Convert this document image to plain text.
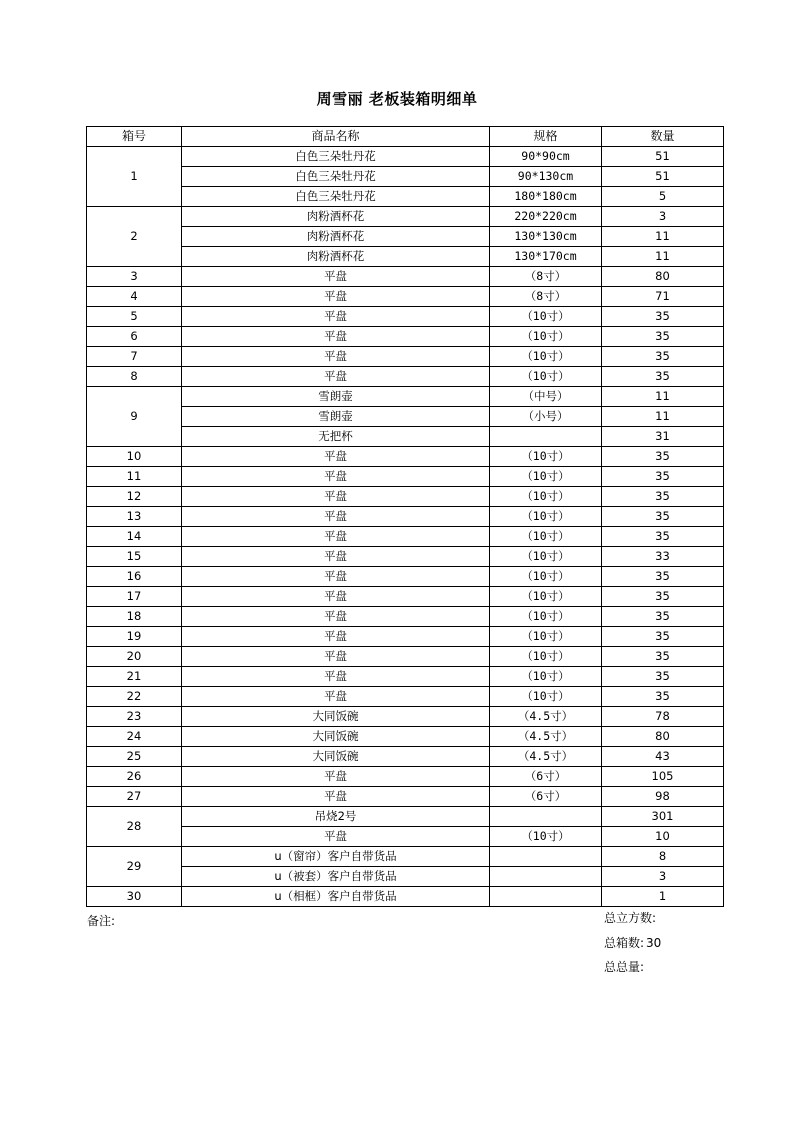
周雪丽 老板装箱明细单
箱号	商品名称	规格	数量
1	白色三朵牡丹花	90*90cm	51
	白色三朵牡丹花	90*130cm	51
	白色三朵牡丹花	180*180cm	5
2	肉粉酒杯花	220*220cm	3
	肉粉酒杯花	130*130cm	11
	肉粉酒杯花	130*170cm	11
3	平盘	（8寸）	80
4	平盘	（8寸）	71
5	平盘	（10寸）	35
6	平盘	（10寸）	35
7	平盘	（10寸）	35
8	平盘	（10寸）	35
9	雪朗壶	（中号）	11
	雪朗壶	（小号）	11
	无把杯		31
10	平盘	（10寸）	35
11	平盘	（10寸）	35
12	平盘	（10寸）	35
13	平盘	（10寸）	35
14	平盘	（10寸）	35
15	平盘	（10寸）	33
16	平盘	（10寸）	35
17	平盘	（10寸）	35
18	平盘	（10寸）	35
19	平盘	（10寸）	35
20	平盘	（10寸）	35
21	平盘	（10寸）	35
22	平盘	（10寸）	35
23	大同饭碗	（4.5寸）	78
24	大同饭碗	（4.5寸）	80
25	大同饭碗	（4.5寸）	43
26	平盘	（6寸）	105
27	平盘	（6寸）	98
28	吊烧2号		301
	平盘	（10寸）	10
29	u（窗帘）客户自带货品		8
	u（被套）客户自带货品		3
30	u（相框）客户自带货品		1
备注:	总立方数:
总箱数: 30
总总量:
